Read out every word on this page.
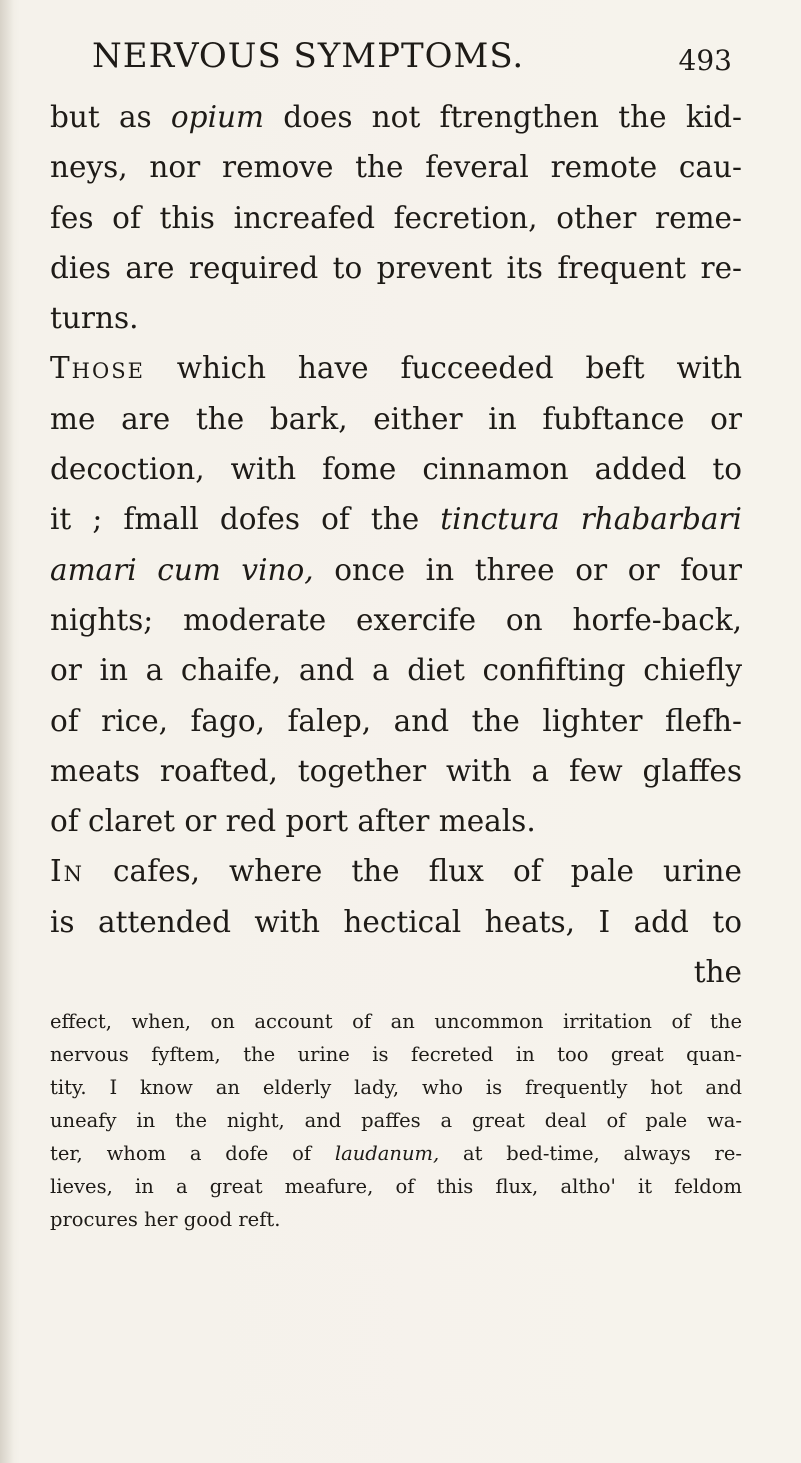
NERVOUS SYMPTOMS.	493
but as opium does not ftrengthen the kid-
neys, nor remove the feveral remote cau-
fes of this increafed fecretion, other reme-
dies are required to prevent its frequent re-
turns.
Those which have fucceeded beft with
me are the bark, either in fubftance or
decoction, with fome cinnamon added to
it ; fmall dofes of the tinctura rhabarbari
amari cum vino, once in three or or four
nights; moderate exercife on horfe-back,
or in a chaife, and a diet confifting chiefly
of rice, fago, falep, and the lighter flefh-
meats roafted, together with a few glaffes
of claret or red port after meals.
In cafes, where the flux of pale urine
is attended with hectical heats, I add to
the
effect, when, on account of an uncommon irritation of the
nervous fyftem, the urine is fecreted in too great quan-
tity. I know an elderly lady, who is frequently hot and
uneafy in the night, and paffes a great deal of pale wa-
ter, whom a dofe of laudanum, at bed-time, always re-
lieves, in a great meafure, of this flux, altho' it feldom
procures her good reft.
